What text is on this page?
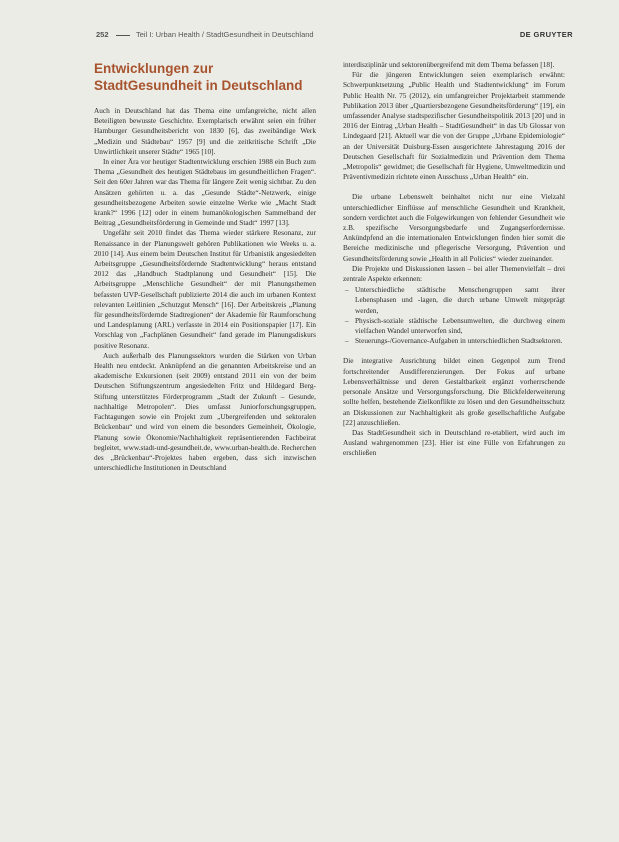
252	Teil I: Urban Health / StadtGesundheit in Deutschland	DE GRUYTER
Entwicklungen zur StadtGesundheit in Deutschland

Auch in Deutschland hat das Thema eine umfangreiche, nicht allen Beteiligten bewusste Geschichte. Exemplarisch erwähnt seien ein früher Hamburger Gesundheitsbericht von 1830 [6], das zweibändige Werk „Medizin und Städtebau“ 1957 [9] und die zeitkritische Schrift „Die Unwirtlichkeit unserer Städte“ 1965 [10].

In einer Ära vor heutiger Stadtentwicklung erschien 1988 ein Buch zum Thema „Gesundheit des heutigen Städtebaus im gesundheitlichen Fragen“. Seit den 60er Jahren war das Thema für längere Zeit wenig sichtbar. Zu den Ansätzen gehörten u. a. das „Gesunde Städte“-Netzwerk, einige gesundheitsbezogene Arbeiten sowie einzelne Werke wie „Macht Stadt krank?“ 1996 [12] oder in einem humanökologischen Sammelband der Beitrag „Gesundheitsförderung in Gemeinde und Stadt“ 1997 [13].

Ungefähr seit 2010 findet das Thema wieder stärkere Resonanz, zur Renaissance in der Planungswelt gehören Publikationen wie Weeks u. a. 2010 [14]. Aus einem beim Deutschen Institut für Urbanistik angesiedelten Arbeitsgruppe „Gesundheitsfördernde Stadtentwicklung“ heraus entstand 2012 das „Handbuch Stadtplanung und Gesundheit“ [15]. Die Arbeitsgruppe „Menschliche Gesundheit“ der mit Planungsthemen befassten UVP-Gesellschaft publizierte 2014 die auch im urbanen Kontext relevanten Leitlinien „Schutzgut Mensch“ [16]. Der Arbeitskreis „Planung für gesundheitsfördernde Stadtregionen“ der Akademie für Raumforschung und Landesplanung (ARL) verfasste in 2014 ein Positionspapier [17]. Ein Vorschlag von „Fachplänen Gesundheit“ fand gerade im Planungsdiskurs positive Resonanz.

Auch außerhalb des Planungssektors wurden die Stärken von Urban Health neu entdeckt. Anknüpfend an die genannten Arbeitskreise und an akademische Exkursionen (seit 2009) entstand 2011 ein von der beim Deutschen Stiftungszentrum angesiedelten Fritz und Hildegard Berg-Stiftung unterstütztes Förderprogramm „Stadt der Zukunft – Gesunde, nachhaltige Metropolen“. Dies umfasst Juniorforschungsgruppen, Fachtagungen sowie ein Projekt zum „Ubergreifenden und sektoralen Brückenbau“ und wird von einem die besonders Gemeinheit, Ökologie, Planung sowie Ökonomie/Nachhaltigkeit repräsentierenden Fachbeirat begleitet, www.stadt-und-gesundheit.de, www.urban-health.de. Recherchen des „Brückenbau“-Projektes haben ergeben, dass sich inzwischen unterschiedliche Institutionen in Deutschland

interdisziplinär und sektorenübergreifend mit dem Thema befassen [18].

Für die jüngeren Entwicklungen seien exemplarisch erwähnt: Schwerpunktsetzung „Public Health und Stadtentwicklung“ im Forum Public Health Nr. 75 (2012), ein umfangreicher Projektarbeit stammende Publikation 2013 über „Quartiersbezogene Gesundheitsförderung“ [19], ein umfassender Analyse stadtspezifischer Gesundheitspolitik 2013 [20] und in 2016 der Eintrag „Urban Health – StadtGesundheit“ in das Ub Glossar von Lindegaard [21]. Aktuell war die von der Gruppe „Urbane Epidemiologie“ an der Universität Duisburg-Essen ausgerichtete Jahrestagung 2016 der Deutschen Gesellschaft für Sozialmedizin und Prävention dem Thema „Metropolis“ gewidmet; die Gesellschaft für Hygiene, Umweltmedizin und Präventivmedizin richtete einen Ausschuss „Urban Health“ ein.

Die urbane Lebenswelt beinhaltet nicht nur eine Vielzahl unterschiedlicher Einflüsse auf menschliche Gesundheit und Krankheit, sondern verdichtet auch die Folgewirkungen von fehlender Gesundheit wie z.B. spezifische Versorgungsbedarfe und Zugangserfordernisse. Ankündpfend an die internationalen Entwicklungen finden hier somit die Bereiche medizinische und pflegerische Versorgung, Prävention und Gesundheitsförderung sowie „Health in all Policies“ wieder zueinander.

Die Projekte und Diskussionen lassen – bei aller Themenvielfalt – drei zentrale Aspekte erkennen:

– Unterschiedliche städtische Menschengruppen samt ihrer Lebensphasen und -lagen, die durch urbane Umwelt mitgeprägt werden,
– Physisch-soziale städtische Lebensumwelten, die durchweg einem vielfachen Wandel unterworfen sind,
– Steuerungs-/Governance-Aufgaben in unterschiedlichen Stadtsektoren.

Die integrative Ausrichtung bildet einen Gegenpol zum Trend fortschreitender Ausdifferenzierungen. Der Fokus auf urbane Lebensverhältnisse und deren Gestaltbarkeit ergänzt vorherrschende personale Ansätze und Versorgungsforschung. Die Blickfelderweiterung sollte helfen, bestehende Zielkonflikte zu lösen und den Gesundheitsschutz an Diskussionen zur Nachhaltigkeit als große gesellschaftliche Aufgabe [22] anzuschließen.

Das StadtGesundheit sich in Deutschland re-etabliert, wird auch im Ausland wahrgenommen [23]. Hier ist eine Fülle von Erfahrungen zu erschließen
